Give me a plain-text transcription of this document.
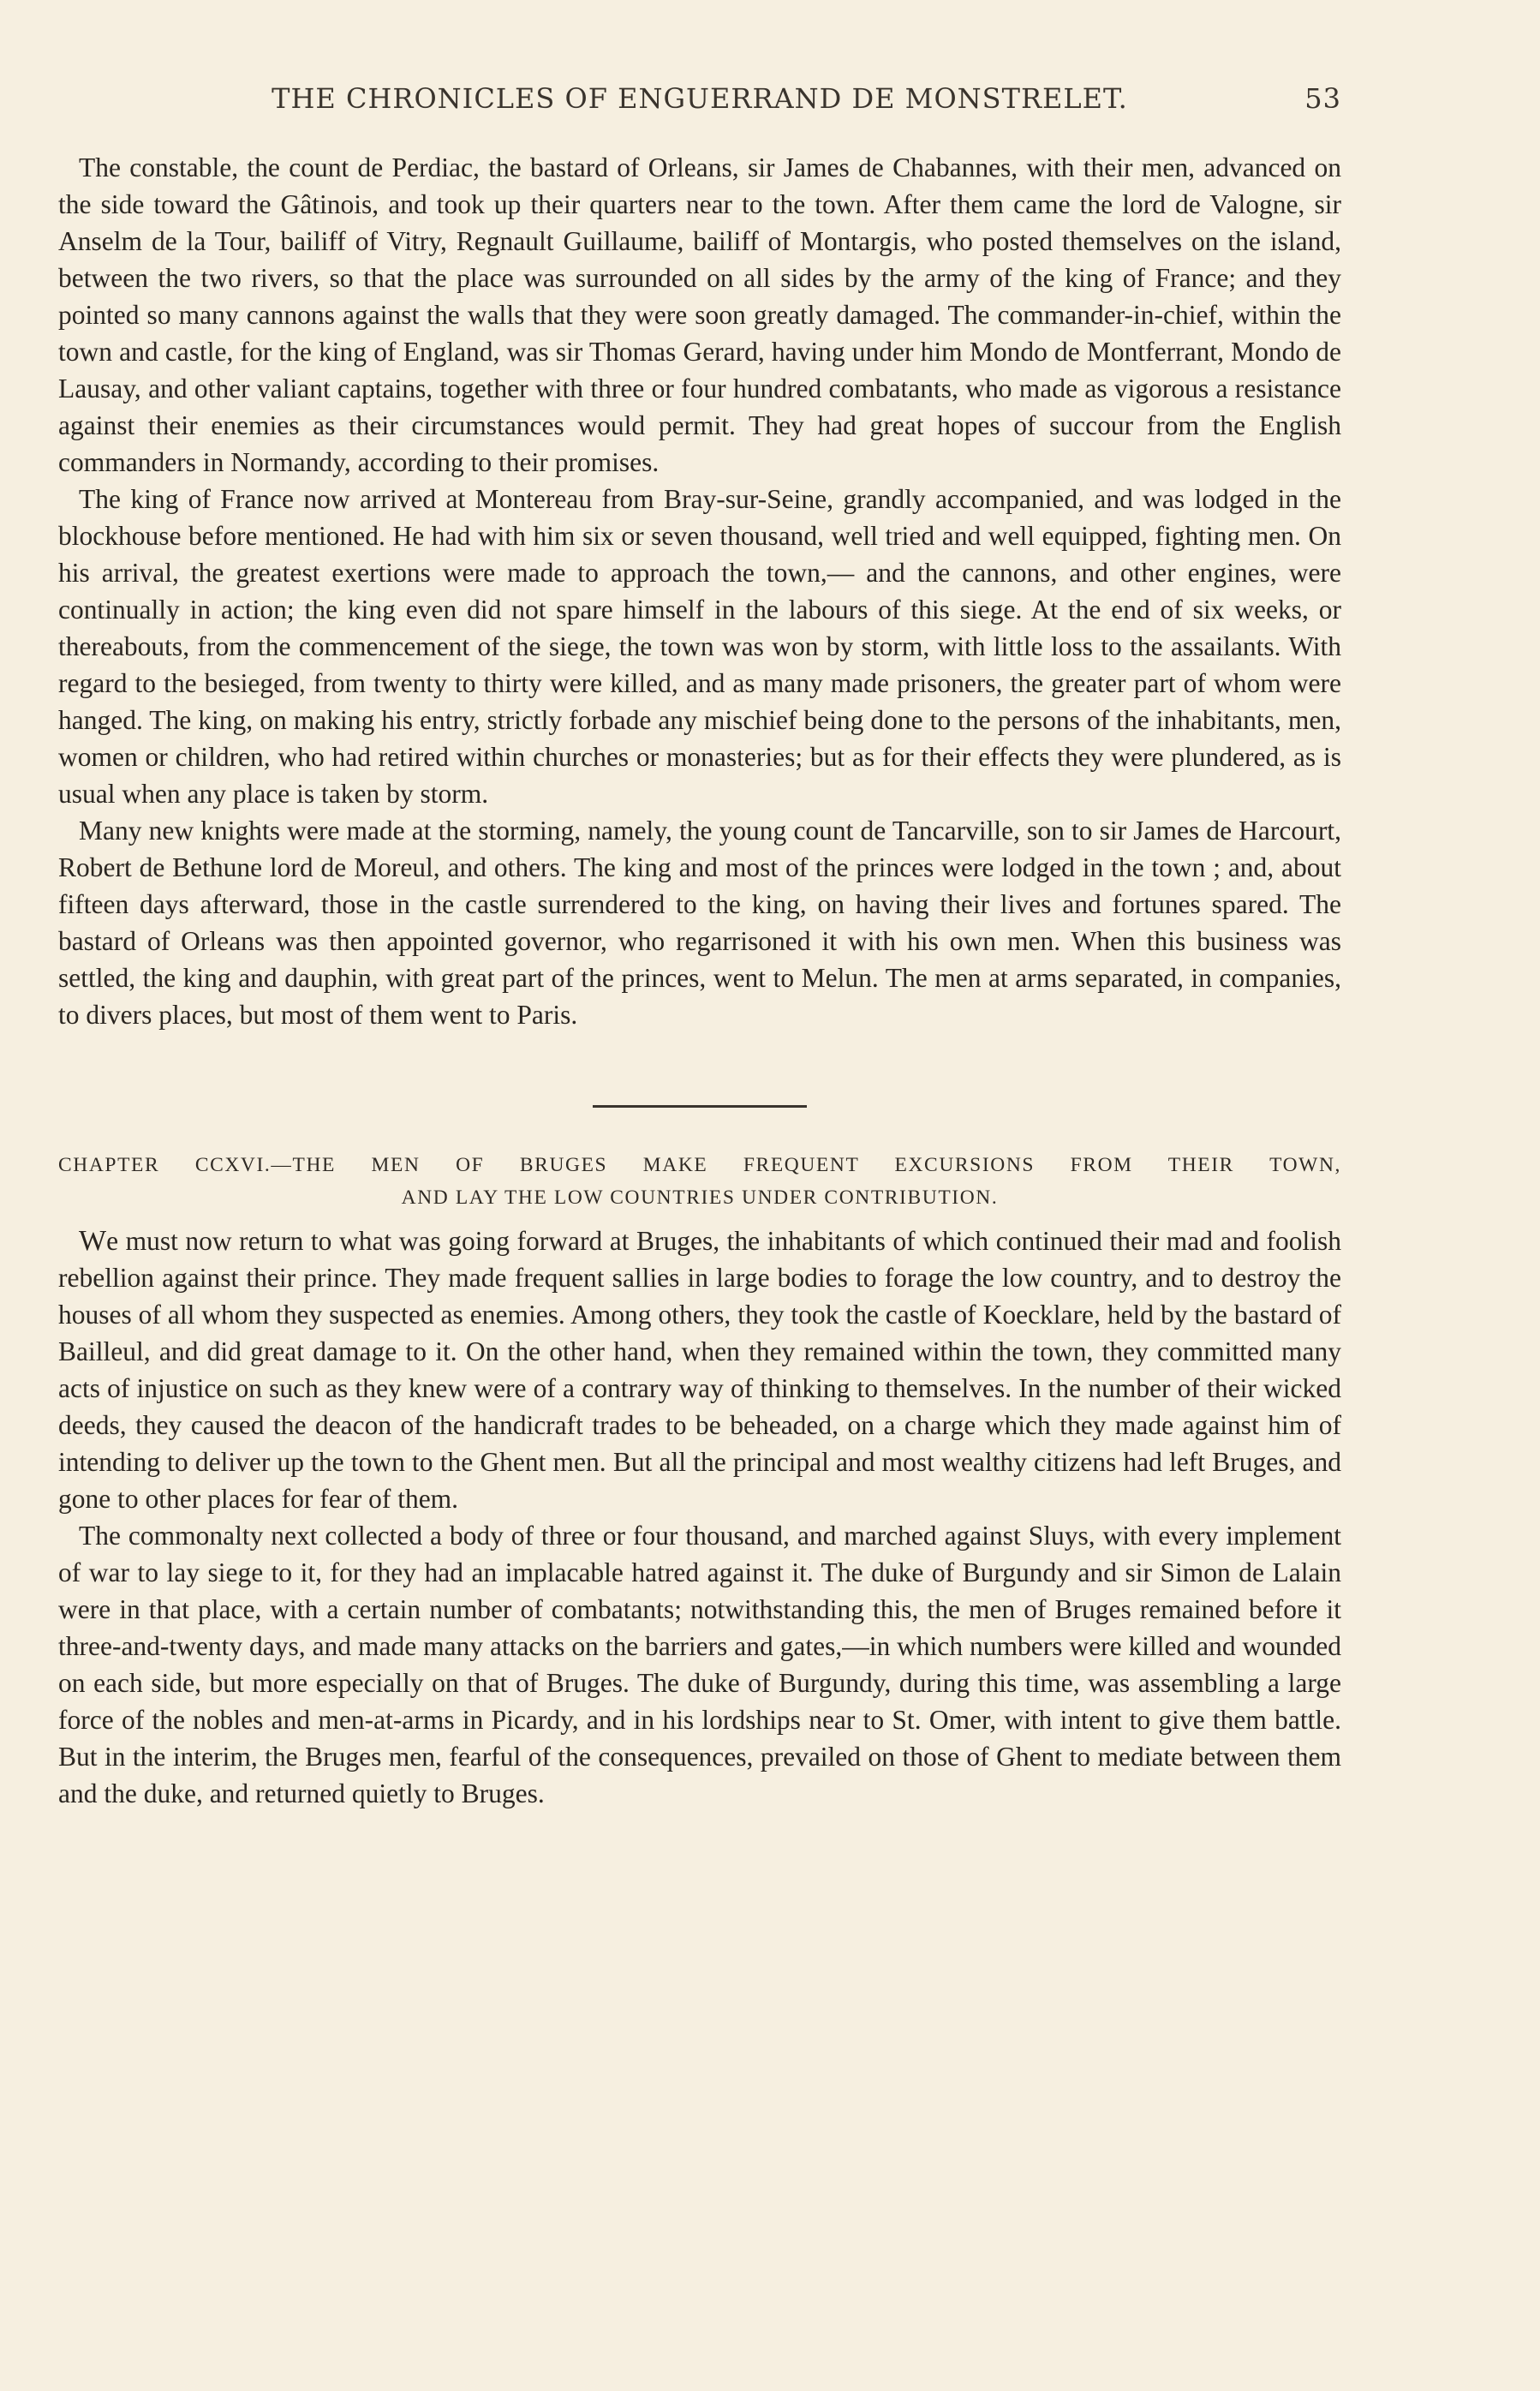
THE CHRONICLES OF ENGUERRAND DE MONSTRELET.	53

The constable, the count de Perdiac, the bastard of Orleans, sir James de Chabannes, with their men, advanced on the side toward the Gâtinois, and took up their quarters near to the town. After them came the lord de Valogne, sir Anselm de la Tour, bailiff of Vitry, Regnault Guillaume, bailiff of Montargis, who posted themselves on the island, between the two rivers, so that the place was surrounded on all sides by the army of the king of France; and they pointed so many cannons against the walls that they were soon greatly damaged. The commander-in-chief, within the town and castle, for the king of England, was sir Thomas Gerard, having under him Mondo de Montferrant, Mondo de Lausay, and other valiant captains, together with three or four hundred combatants, who made as vigorous a resistance against their enemies as their circumstances would permit. They had great hopes of succour from the English commanders in Normandy, according to their promises.

The king of France now arrived at Montereau from Bray-sur-Seine, grandly accompanied, and was lodged in the blockhouse before mentioned. He had with him six or seven thousand, well tried and well equipped, fighting men. On his arrival, the greatest exertions were made to approach the town,— and the cannons, and other engines, were continually in action; the king even did not spare himself in the labours of this siege. At the end of six weeks, or thereabouts, from the commencement of the siege, the town was won by storm, with little loss to the assailants. With regard to the besieged, from twenty to thirty were killed, and as many made prisoners, the greater part of whom were hanged. The king, on making his entry, strictly forbade any mischief being done to the persons of the inhabitants, men, women or children, who had retired within churches or monasteries; but as for their effects they were plundered, as is usual when any place is taken by storm.

Many new knights were made at the storming, namely, the young count de Tancarville, son to sir James de Harcourt, Robert de Bethune lord de Moreul, and others. The king and most of the princes were lodged in the town ; and, about fifteen days afterward, those in the castle surrendered to the king, on having their lives and fortunes spared. The bastard of Orleans was then appointed governor, who regarrisoned it with his own men. When this business was settled, the king and dauphin, with great part of the princes, went to Melun. The men at arms separated, in companies, to divers places, but most of them went to Paris.

CHAPTER CCXVI.—THE MEN OF BRUGES MAKE FREQUENT EXCURSIONS FROM THEIR TOWN,
AND LAY THE LOW COUNTRIES UNDER CONTRIBUTION.

We must now return to what was going forward at Bruges, the inhabitants of which continued their mad and foolish rebellion against their prince. They made frequent sallies in large bodies to forage the low country, and to destroy the houses of all whom they suspected as enemies. Among others, they took the castle of Koecklare, held by the bastard of Bailleul, and did great damage to it. On the other hand, when they remained within the town, they committed many acts of injustice on such as they knew were of a contrary way of thinking to themselves. In the number of their wicked deeds, they caused the deacon of the handicraft trades to be beheaded, on a charge which they made against him of intending to deliver up the town to the Ghent men. But all the principal and most wealthy citizens had left Bruges, and gone to other places for fear of them.

The commonalty next collected a body of three or four thousand, and marched against Sluys, with every implement of war to lay siege to it, for they had an implacable hatred against it. The duke of Burgundy and sir Simon de Lalain were in that place, with a certain number of combatants; notwithstanding this, the men of Bruges remained before it three-and-twenty days, and made many attacks on the barriers and gates,—in which numbers were killed and wounded on each side, but more especially on that of Bruges. The duke of Burgundy, during this time, was assembling a large force of the nobles and men-at-arms in Picardy, and in his lordships near to St. Omer, with intent to give them battle. But in the interim, the Bruges men, fearful of the consequences, prevailed on those of Ghent to mediate between them and the duke, and returned quietly to Bruges.
